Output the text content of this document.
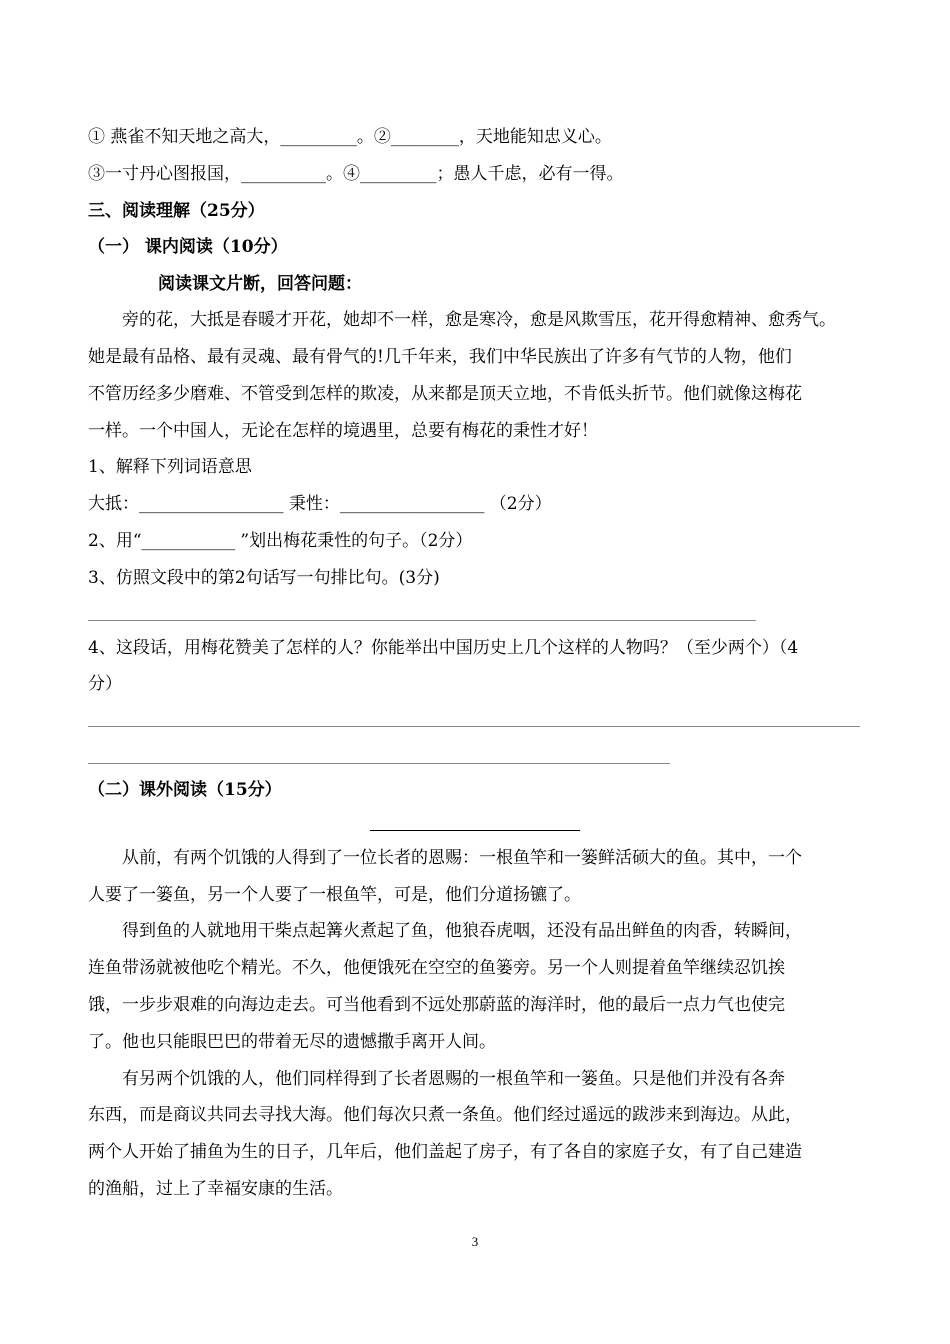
① 燕雀不知天地之高大，_________。②________，天地能知忠义心。
③一寸丹心图报国，__________。④_________；愚人千虑，必有一得。
三、阅读理解（25分）
（一） 课内阅读（10分）
阅读课文片断，回答问题：
旁的花，大抵是春暖才开花，她却不一样，愈是寒冷，愈是风欺雪压，花开得愈精神、愈秀气。
她是最有品格、最有灵魂、最有骨气的!几千年来，我们中华民族出了许多有气节的人物，他们
不管历经多少磨难、不管受到怎样的欺凌，从来都是顶天立地，不肯低头折节。他们就像这梅花
一样。一个中国人，无论在怎样的境遇里，总要有梅花的秉性才好！
1、解释下列词语意思
大抵：_________________ 秉性：_________________ （2分）
2、用“___________ ”划出梅花秉性的句子。（2分）
3、仿照文段中的第2句话写一句排比句。(3分)
4、这段话，用梅花赞美了怎样的人？你能举出中国历史上几个这样的人物吗？（至少两个）（4
分）
（二）课外阅读（15分）
从前，有两个饥饿的人得到了一位长者的恩赐：一根鱼竿和一篓鲜活硕大的鱼。其中，一个
人要了一篓鱼，另一个人要了一根鱼竿，可是，他们分道扬镳了。
得到鱼的人就地用干柴点起篝火煮起了鱼，他狼吞虎咽，还没有品出鲜鱼的肉香，转瞬间，
连鱼带汤就被他吃个精光。不久，他便饿死在空空的鱼篓旁。另一个人则提着鱼竿继续忍饥挨
饿，一步步艰难的向海边走去。可当他看到不远处那蔚蓝的海洋时，他的最后一点力气也使完
了。他也只能眼巴巴的带着无尽的遗憾撒手离开人间。
有另两个饥饿的人，他们同样得到了长者恩赐的一根鱼竿和一篓鱼。只是他们并没有各奔
东西，而是商议共同去寻找大海。他们每次只煮一条鱼。他们经过遥远的跋涉来到海边。从此，
两个人开始了捕鱼为生的日子，几年后，他们盖起了房子，有了各自的家庭子女，有了自己建造
的渔船，过上了幸福安康的生活。
3
